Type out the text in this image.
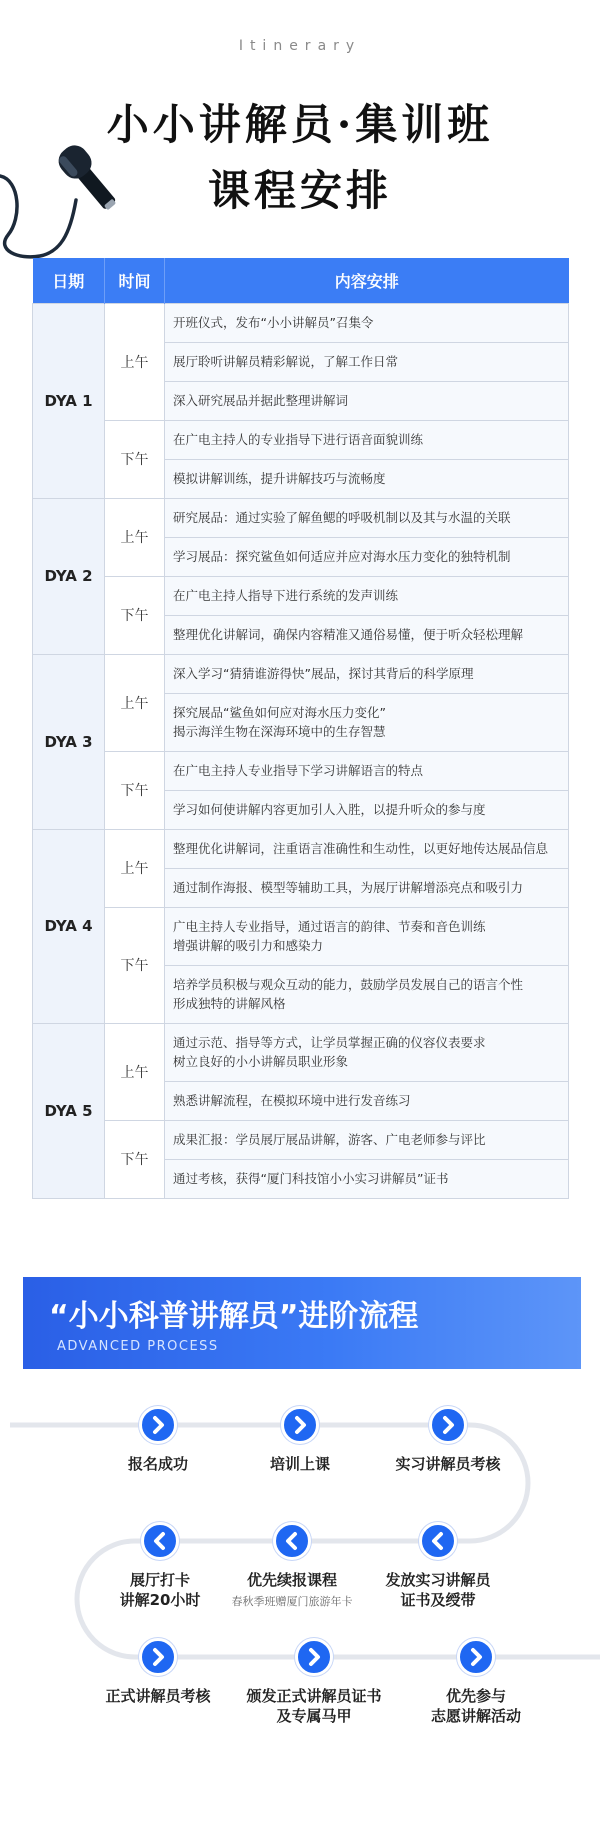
Itinerary
小小讲解员·集训班
课程安排
日期	时间	内容安排
DYA 1	上午	开班仪式，发布“小小讲解员”召集令
		展厅聆听讲解员精彩解说，了解工作日常
		深入研究展品并据此整理讲解词
	下午	在广电主持人的专业指导下进行语音面貌训练
		模拟讲解训练，提升讲解技巧与流畅度
DYA 2	上午	研究展品：通过实验了解鱼鳃的呼吸机制以及其与水温的关联
		学习展品：探究鲨鱼如何适应并应对海水压力变化的独特机制
	下午	在广电主持人指导下进行系统的发声训练
		整理优化讲解词，确保内容精准又通俗易懂，便于听众轻松理解
DYA 3	上午	深入学习“猜猜谁游得快”展品，探讨其背后的科学原理
		探究展品“鲨鱼如何应对海水压力变化”
揭示海洋生物在深海环境中的生存智慧
	下午	在广电主持人专业指导下学习讲解语言的特点
		学习如何使讲解内容更加引人入胜，以提升听众的参与度
DYA 4	上午	整理优化讲解词，注重语言准确性和生动性，以更好地传达展品信息
		通过制作海报、模型等辅助工具，为展厅讲解增添亮点和吸引力
	下午	广电主持人专业指导，通过语言的韵律、节奏和音色训练
增强讲解的吸引力和感染力
		培养学员积极与观众互动的能力，鼓励学员发展自己的语言个性
形成独特的讲解风格
DYA 5	上午	通过示范、指导等方式，让学员掌握正确的仪容仪表要求
树立良好的小小讲解员职业形象
		熟悉讲解流程，在模拟环境中进行发音练习
	下午	成果汇报：学员展厅展品讲解，游客、广电老师参与评比
		通过考核，获得“厦门科技馆小小实习讲解员”证书
“小小科普讲解员”进阶流程
ADVANCED PROCESS
报名成功	培训上课	实习讲解员考核
发放实习讲解员
证书及绶带
优先续报课程
春秋季班赠厦门旅游年卡
展厅打卡
讲解20小时
正式讲解员考核	颁发正式讲解员证书
及专属马甲
优先参与
志愿讲解活动
